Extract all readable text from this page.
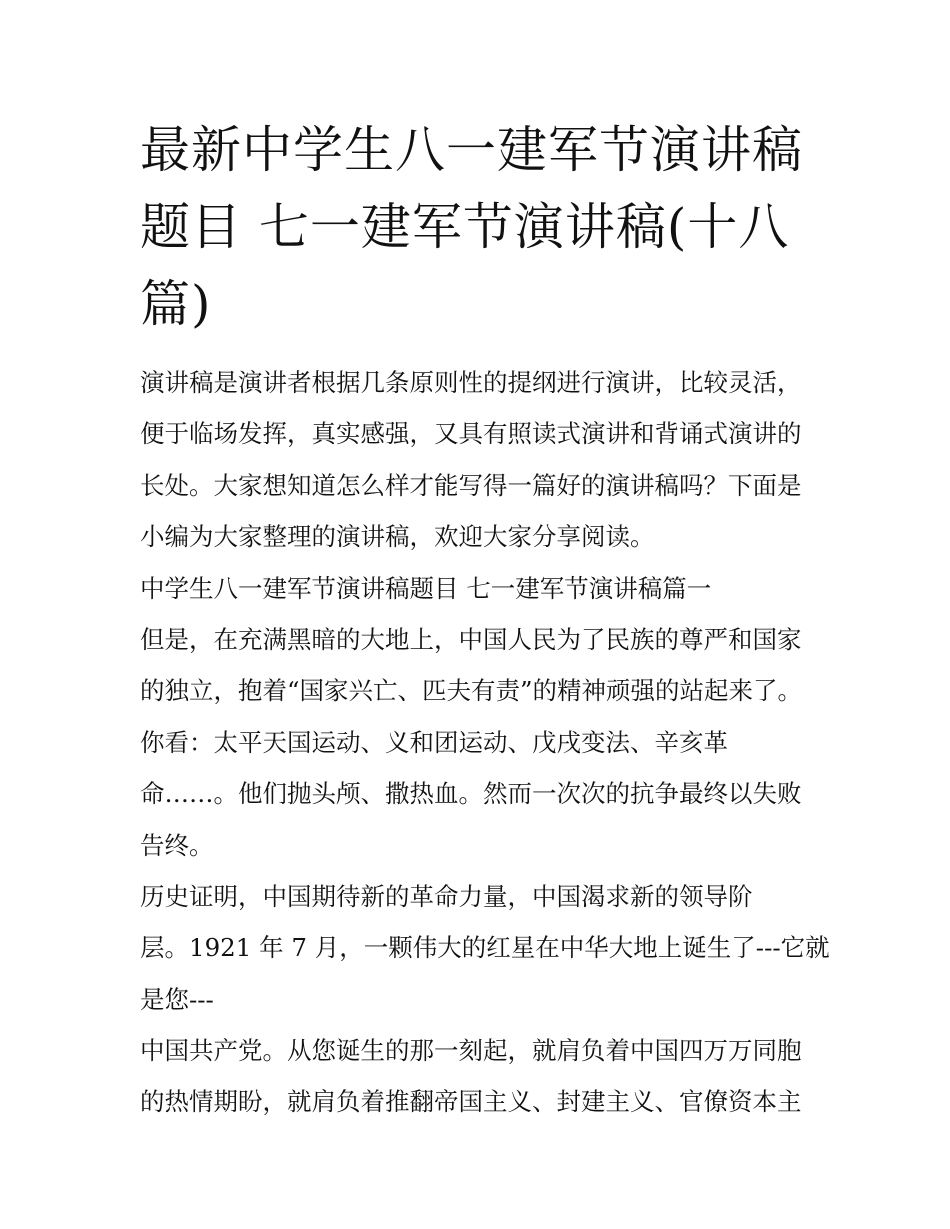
最新中学生八一建军节演讲稿
题目 七一建军节演讲稿(十八
篇)
演讲稿是演讲者根据几条原则性的提纲进行演讲，比较灵活，
便于临场发挥，真实感强，又具有照读式演讲和背诵式演讲的
长处。大家想知道怎么样才能写得一篇好的演讲稿吗？下面是
小编为大家整理的演讲稿，欢迎大家分享阅读。
中学生八一建军节演讲稿题目 七一建军节演讲稿篇一
但是，在充满黑暗的大地上，中国人民为了民族的尊严和国家
的独立，抱着“国家兴亡、匹夫有责”的精神顽强的站起来了。
你看：太平天国运动、义和团运动、戊戌变法、辛亥革
命……。他们抛头颅、撒热血。然而一次次的抗争最终以失败
告终。
历史证明，中国期待新的革命力量，中国渴求新的领导阶
层。1921 年 7 月，一颗伟大的红星在中华大地上诞生了---它就
是您---
中国共产党。从您诞生的那一刻起，就肩负着中国四万万同胞
的热情期盼，就肩负着推翻帝国主义、封建主义、官僚资本主
